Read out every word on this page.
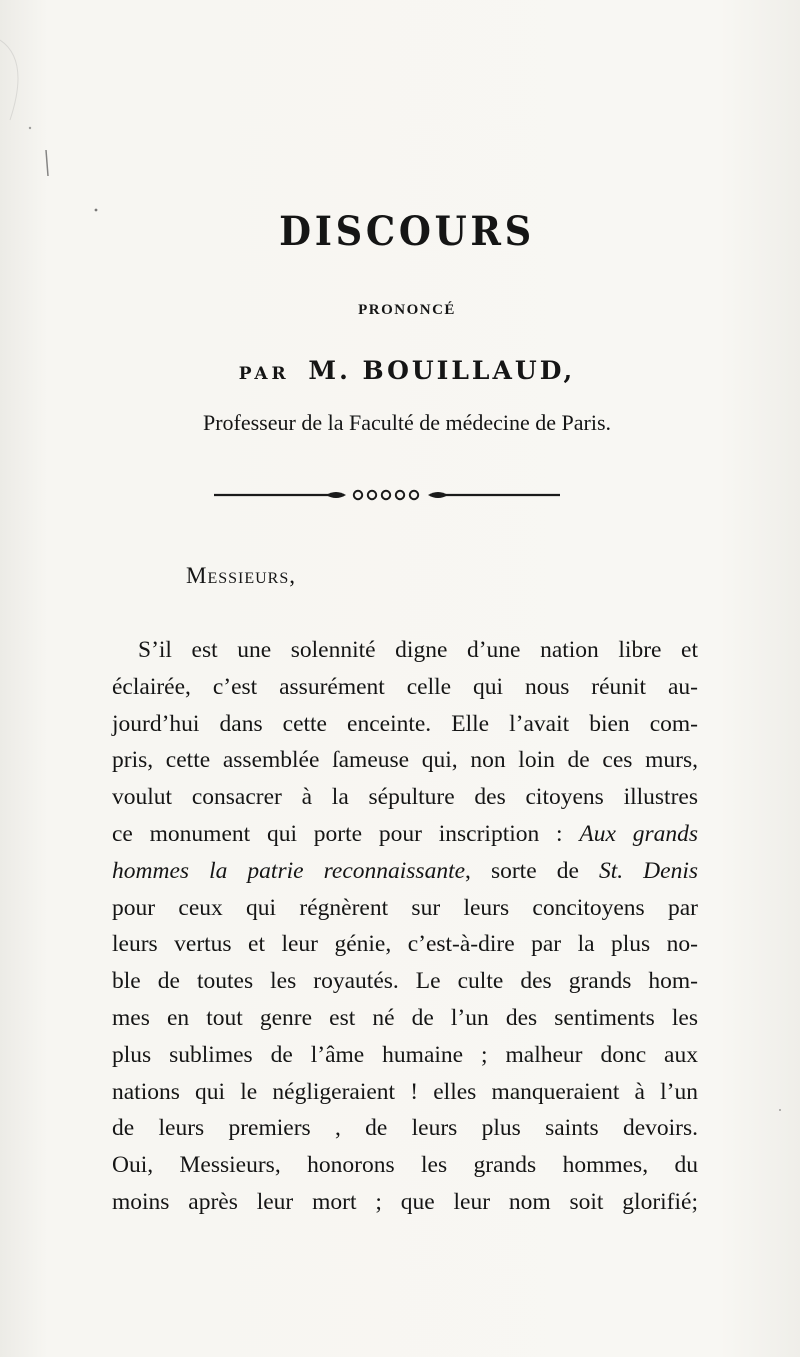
DISCOURS
PRONONCÉ
PAR M. BOUILLAUD,
Professeur de la Faculté de médecine de Paris.

Messieurs,

S’il est une solennité digne d’une nation libre et
éclairée, c’est assurément celle qui nous réunit au-
jourd’hui dans cette enceinte. Elle l’avait bien com-
pris, cette assemblée ſameuse qui, non loin de ces murs,
voulut consacrer à la sépulture des citoyens illustres
ce monument qui porte pour inscription : Aux grands
hommes la patrie reconnaissante, sorte de St. Denis
pour ceux qui régnèrent sur leurs concitoyens par
leurs vertus et leur génie, c’est-à-dire par la plus no-
ble de toutes les royautés. Le culte des grands hom-
mes en tout genre est né de l’un des sentiments les
plus sublimes de l’âme humaine ; malheur donc aux
nations qui le négligeraient ! elles manqueraient à l’un
de leurs premiers , de leurs plus saints devoirs.
Oui, Messieurs, honorons les grands hommes, du
moins après leur mort ; que leur nom soit glorifié;
